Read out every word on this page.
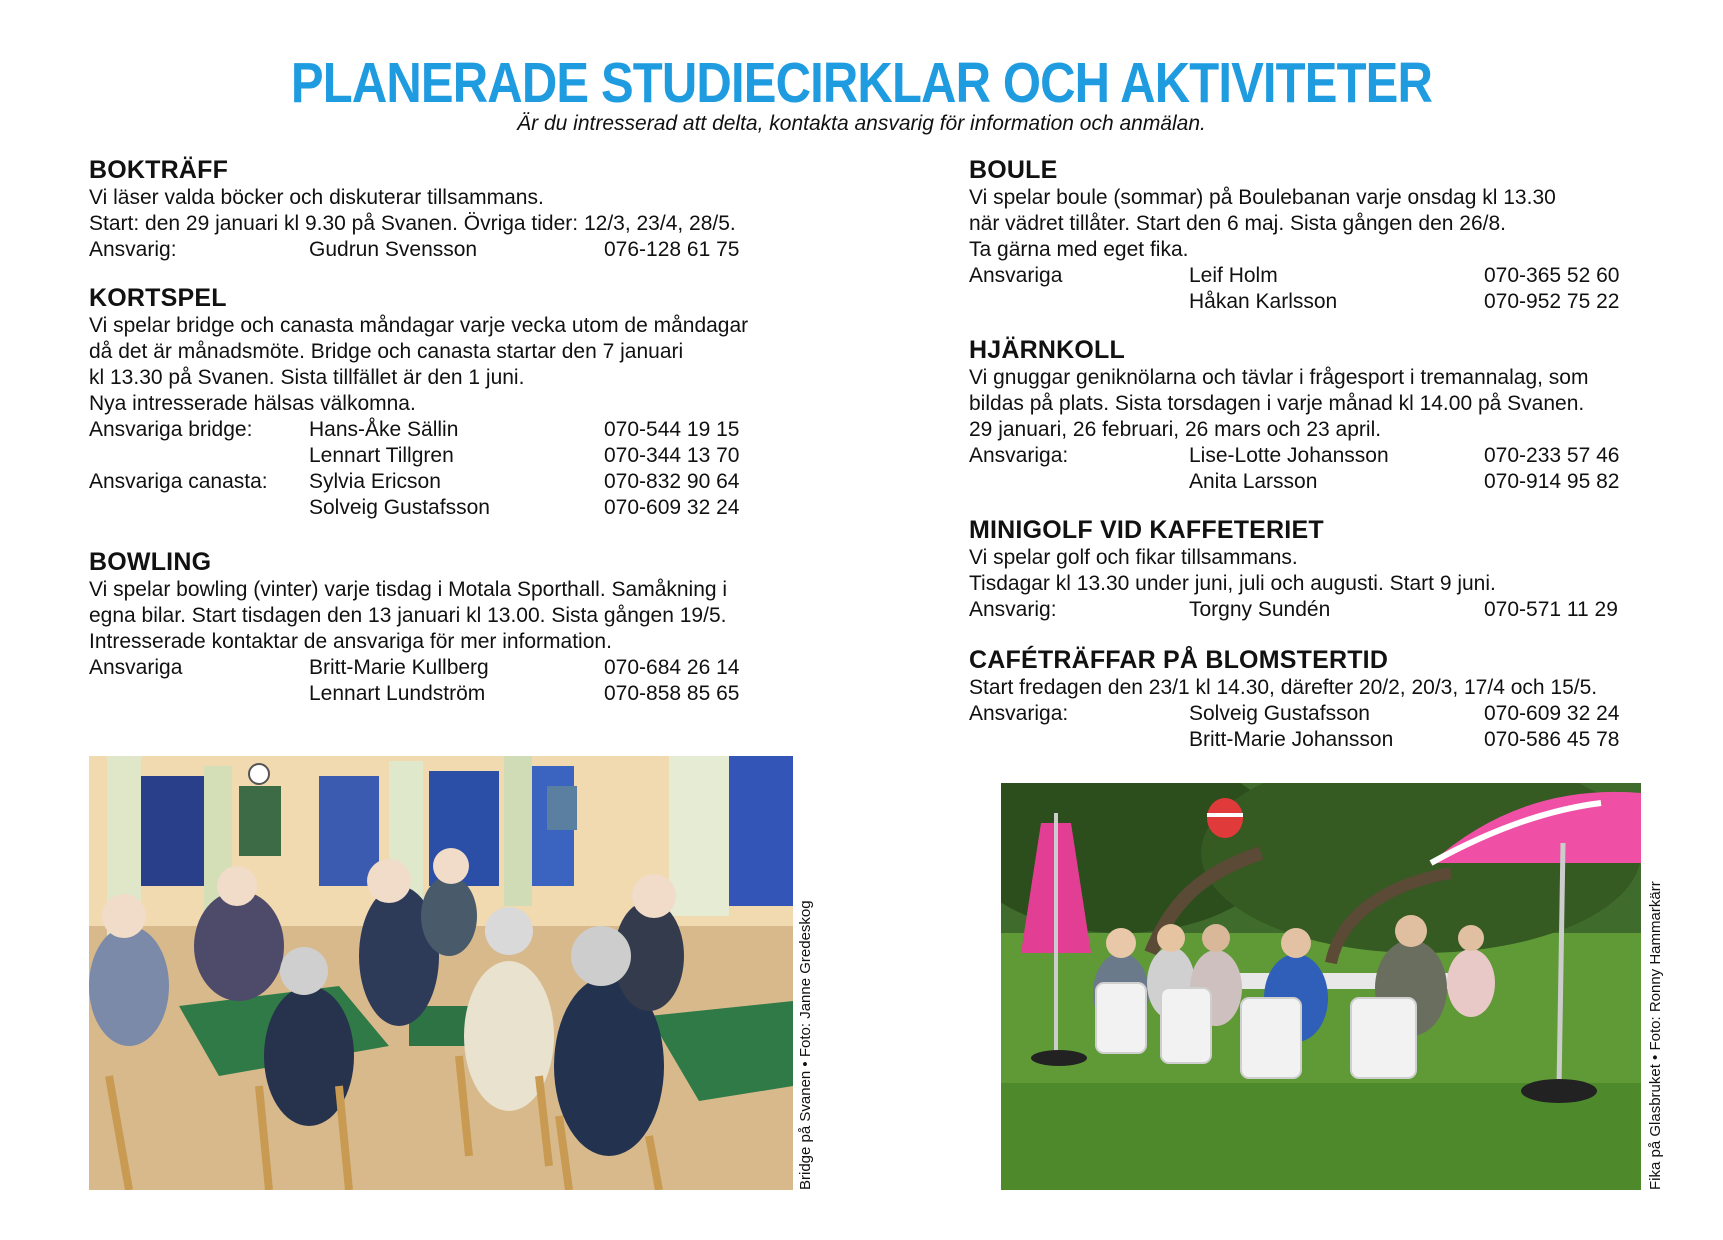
PLANERADE STUDIECIRKLAR OCH AKTIVITETER
Är du intresserad att delta, kontakta ansvarig för information och anmälan.
BOKTRÄFF

Vi läser valda böcker och diskuterar tillsammans.

Start: den 29 januari kl 9.30 på Svanen. Övriga tider: 12/3, 23/4, 28/5.

Ansvarig:	Gudrun Svensson	076-128 61 75
KORTSPEL

Vi spelar bridge och canasta måndagar varje vecka utom de måndagar

då det är månadsmöte. Bridge och canasta startar den 7 januari

kl 13.30 på Svanen. Sista tillfället är den 1 juni.

Nya intresserade hälsas välkomna.

Ansvariga bridge:	Hans-Åke Sällin	070-544 19 15
Lennart Tillgren	070-344 13 70
Ansvariga canasta: Sylvia Ericson	070-832 90 64
Solveig Gustafsson	070-609 32 24
BOWLING

Vi spelar bowling (vinter) varje tisdag i Motala Sporthall. Samåkning i

egna bilar. Start tisdagen den 13 januari kl 13.00. Sista gången 19/5.

Intresserade kontaktar de ansvariga för mer information.

Ansvariga	Britt-Marie Kullberg	070-684 26 14
Lennart Lundström	070-858 85 65
Bridge på Svanen • Foto: Janne Gredeskog
BOULE

Vi spelar boule (sommar) på Boulebanan varje onsdag kl 13.30

när vädret tillåter. Start den 6 maj. Sista gången den 26/8.

Ta gärna med eget fika.

Ansvariga	Leif Holm	070-365 52 60
Håkan Karlsson	070-952 75 22
HJÄRNKOLL

Vi gnuggar geniknölarna och tävlar i frågesport i tremannalag, som

bildas på plats. Sista torsdagen i varje månad kl 14.00 på Svanen.

29 januari, 26 februari, 26 mars och 23 april.

Ansvariga:	Lise-Lotte Johansson	070-233 57 46
Anita Larsson	070-914 95 82
MINIGOLF VID KAFFETERIET

Vi spelar golf och fikar tillsammans.

Tisdagar kl 13.30 under juni, juli och augusti. Start 9 juni.

Ansvarig:	Torgny Sundén	070-571 11 29
CAFÉTRÄFFAR PÅ BLOMSTERTID

Start fredagen den 23/1 kl 14.30, därefter 20/2, 20/3, 17/4 och 15/5.

Ansvariga:	Solveig Gustafsson	070-609 32 24
Britt-Marie Johansson	070-586 45 78
Fika på Glasbruket • Foto: Ronny Hammarkärr
